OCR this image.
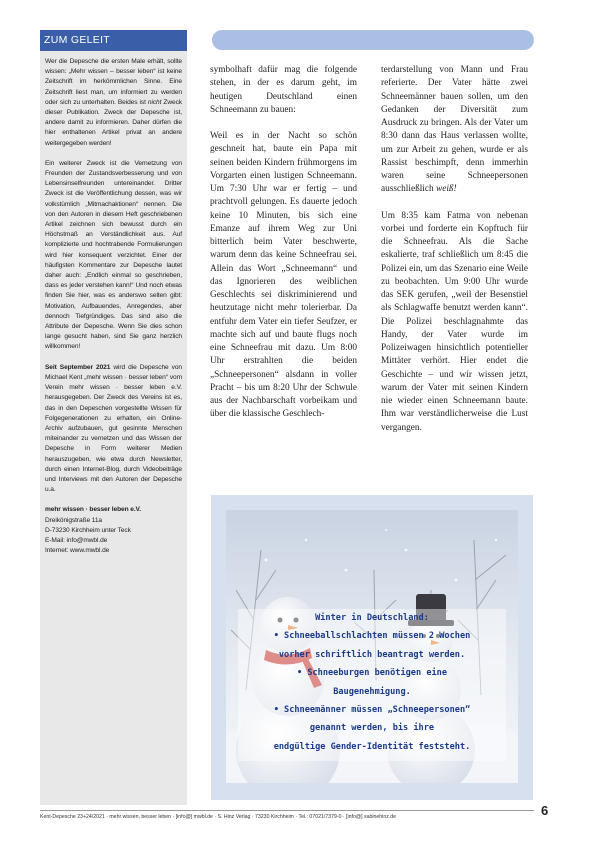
ZUM GELEIT

Wer die Depesche die ersten Male erhält, sollte wissen: „Mehr wissen – besser leben“ ist keine Zeitschrift im herkömmlichen Sinne. Eine Zeitschrift liest man, um informiert zu werden oder sich zu unterhalten. Beides ist nicht Zweck dieser Publikation. Zweck der Depesche ist, andere damit zu informieren. Daher dürfen die hier enthaltenen Artikel privat an andere weitergegeben werden!

Ein weiterer Zweck ist die Vernetzung von Freunden der Zustandsverbesserung und von Lebensinselfreunden untereinander. Dritter Zweck ist die Veröffentlichung dessen, was wir volkstümlich „Mitmachaktionen“ nennen. Die von den Autoren in diesem Heft geschriebenen Artikel zeichnen sich bewusst durch ein Höchstmaß an Verständlichkeit aus. Auf komplizierte und hochtrabende Formulierungen wird hier konsequent verzichtet. Einer der häufigsten Kommentare zur Depesche lautet daher auch: „Endlich einmal so geschrieben, dass es jeder verstehen kann!“ Und noch etwas finden Sie hier, was es anderswo selten gibt: Motivation, Aufbauendes, Anregendes, aber dennoch Tiefgründiges. Das sind also die Attribute der Depesche. Wenn Sie dies schon lange gesucht haben, sind Sie ganz herzlich willkommen!

Seit September 2021 wird die Depesche von Michael Kent „mehr wissen · besser leben“ vom Verein mehr wissen · besser leben e.V. herausgegeben. Der Zweck des Vereins ist es, das in den Depeschen vorgestellte Wissen für Folgegenerationen zu erhalten, ein Online-Archiv aufzubauen, gut gesinnte Menschen miteinander zu vernetzen und das Wissen der Depesche in Form weiterer Medien herauszugeben, wie etwa durch Newsletter, durch einen Internet-Blog, durch Videobeiträge und Interviews mit den Autoren der Depesche u.a.

mehr wissen · besser leben e.V.

Dreikönigstraße 11a

D-73230 Kirchheim unter Teck

E-Mail: info@mwbl.de

Internet: www.mwbl.de

symbolhaft dafür mag die folgende stehen, in der es darum geht, im heutigen Deutschland einen Schneemann zu bauen:

Weil es in der Nacht so schön geschneit hat, baute ein Papa mit seinen beiden Kindern frühmorgens im Vorgarten einen lustigen Schneemann. Um 7:30 Uhr war er fertig – und prachtvoll gelungen. Es dauerte jedoch keine 10 Minuten, bis sich eine Emanze auf ihrem Weg zur Uni bitterlich beim Vater beschwerte, warum denn das keine Schneefrau sei. Allein das Wort „Schneemann“ und das Ignorieren des weiblichen Geschlechts sei diskriminierend und heutzutage nicht mehr tolerierbar. Da entfuhr dem Vater ein tiefer Seufzer, er machte sich auf und baute flugs noch eine Schneefrau mit dazu. Um 8:00 Uhr erstrahlten die beiden „Schneepersonen“ alsdann in voller Pracht – bis um 8:20 Uhr der Schwule aus der Nachbarschaft vorbeikam und über die klassische Geschlech-

terdarstellung von Mann und Frau referierte. Der Vater hätte zwei Schneemänner bauen sollen, um den Gedanken der Diversität zum Ausdruck zu bringen. Als der Vater um 8:30 dann das Haus verlassen wollte, um zur Arbeit zu gehen, wurde er als Rassist beschimpft, denn immerhin waren seine Schneepersonen ausschließlich weiß!

Um 8:35 kam Fatma von nebenan vorbei und forderte ein Kopftuch für die Schneefrau. Als die Sache eskalierte, traf schließlich um 8:45 die Polizei ein, um das Szenario eine Weile zu beobachten. Um 9:00 Uhr wurde das SEK gerufen, „weil der Besenstiel als Schlagwaffe benutzt werden kann“. Die Polizei beschlagnahmte das Handy, der Vater wurde im Polizeiwagen hinsichtlich potentieller Mittäter verhört. Hier endet die Geschichte – und wir wissen jetzt, warum der Vater mit seinen Kindern nie wieder einen Schneemann baute. Ihm war verständlicherweise die Lust vergangen.

Winter in Deutschland:
• Schneeballschlachten müssen 2 Wochen
vorher schriftlich beantragt werden.
• Schneeburgen benötigen eine
Baugenehmigung.
• Schneemänner müssen „Schneepersonen“
genannt werden, bis ihre
endgültige Gender-Identität feststeht.
Kent-Depesche 23+24/2021 · mehr wissen, besser leben · [info@] mwbl.de · S. Hinz Verlag · 73230 Kirchheim · Tel.: 07021/7379-0 · [info@] sabinehinz.de	6
